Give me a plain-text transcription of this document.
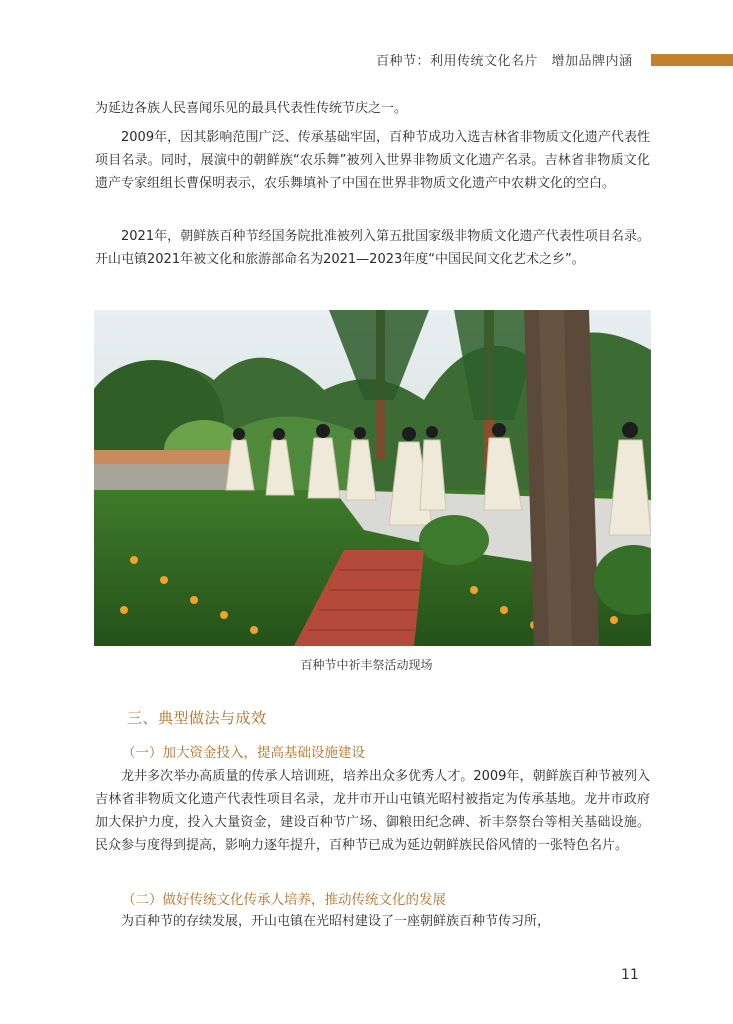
百种节：利用传统文化名片　增加品牌内涵

为延边各族人民喜闻乐见的最具代表性传统节庆之一。

2009年，因其影响范围广泛、传承基础牢固，百种节成功入选吉林省非物质文化遗产代表性项目名录。同时，展演中的朝鲜族“农乐舞”被列入世界非物质文化遗产名录。吉林省非物质文化遗产专家组组长曹保明表示，农乐舞填补了中国在世界非物质文化遗产中农耕文化的空白。

2021年，朝鲜族百种节经国务院批准被列入第五批国家级非物质文化遗产代表性项目名录。开山屯镇2021年被文化和旅游部命名为2021—2023年度“中国民间文化艺术之乡”。

百种节中祈丰祭活动现场
三、典型做法与成效
（一）加大资金投入，提高基础设施建设

龙井多次举办高质量的传承人培训班，培养出众多优秀人才。2009年，朝鲜族百种节被列入吉林省非物质文化遗产代表性项目名录，龙井市开山屯镇光昭村被指定为传承基地。龙井市政府加大保护力度，投入大量资金，建设百种节广场、御粮田纪念碑、祈丰祭祭台等相关基础设施。民众参与度得到提高，影响力逐年提升，百种节已成为延边朝鲜族民俗风情的一张特色名片。

（二）做好传统文化传承人培养，推动传统文化的发展

为百种节的存续发展，开山屯镇在光昭村建设了一座朝鲜族百种节传习所，

11
